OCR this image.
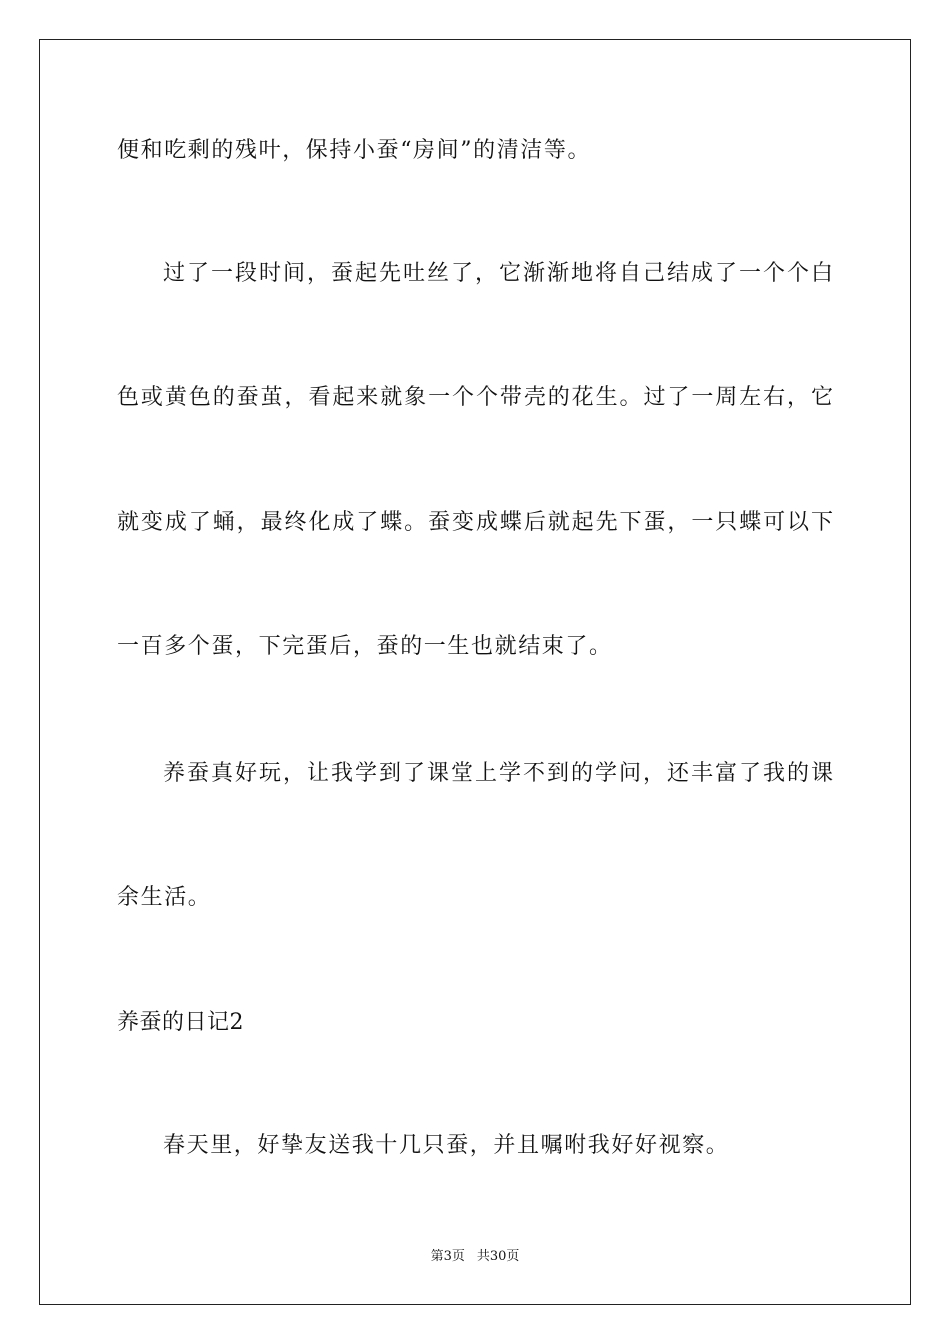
便和吃剩的残叶，保持小蚕“房间”的清洁等。
过了一段时间，蚕起先吐丝了，它渐渐地将自己结成了一个个白
色或黄色的蚕茧，看起来就象一个个带壳的花生。过了一周左右，它
就变成了蛹，最终化成了蝶。蚕变成蝶后就起先下蛋，一只蝶可以下
一百多个蛋，下完蛋后，蚕的一生也就结束了。
养蚕真好玩，让我学到了课堂上学不到的学问，还丰富了我的课
余生活。
养蚕的日记2
春天里，好挚友送我十几只蚕，并且嘱咐我好好视察。
第3页 共30页
